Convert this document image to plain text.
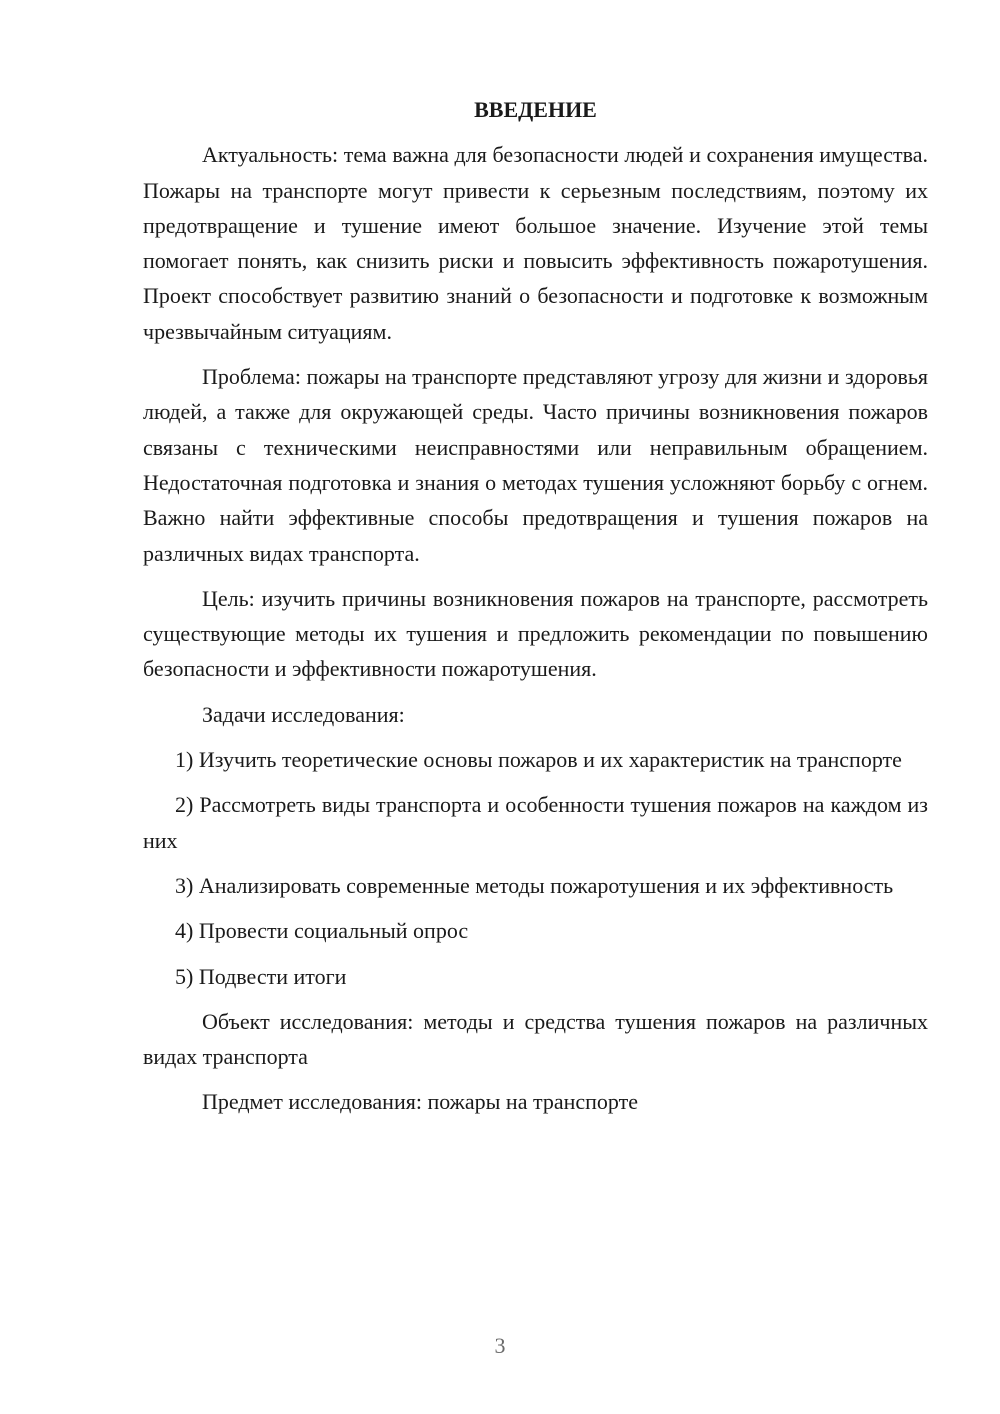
ВВЕДЕНИЕ

Актуальность: тема важна для безопасности людей и сохранения имущества. Пожары на транспорте могут привести к серьезным последствиям, поэтому их предотвращение и тушение имеют большое значение. Изучение этой темы помогает понять, как снизить риски и повысить эффективность пожаротушения. Проект способствует развитию знаний о безопасности и подготовке к возможным чрезвычайным ситуациям.

Проблема: пожары на транспорте представляют угрозу для жизни и здоровья людей, а также для окружающей среды. Часто причины возникновения пожаров связаны с техническими неисправностями или неправильным обращением. Недостаточная подготовка и знания о методах тушения усложняют борьбу с огнем. Важно найти эффективные способы предотвращения и тушения пожаров на различных видах транспорта.

Цель: изучить причины возникновения пожаров на транспорте, рассмотреть существующие методы их тушения и предложить рекомендации по повышению безопасности и эффективности пожаротушения.

Задачи исследования:

1) Изучить теоретические основы пожаров и их характеристик на транспорте

2) Рассмотреть виды транспорта и особенности тушения пожаров на каждом из них

3) Анализировать современные методы пожаротушения и их эффективность

4) Провести социальный опрос

5) Подвести итоги

Объект исследования: методы и средства тушения пожаров на различных видах транспорта

Предмет исследования: пожары на транспорте

3
